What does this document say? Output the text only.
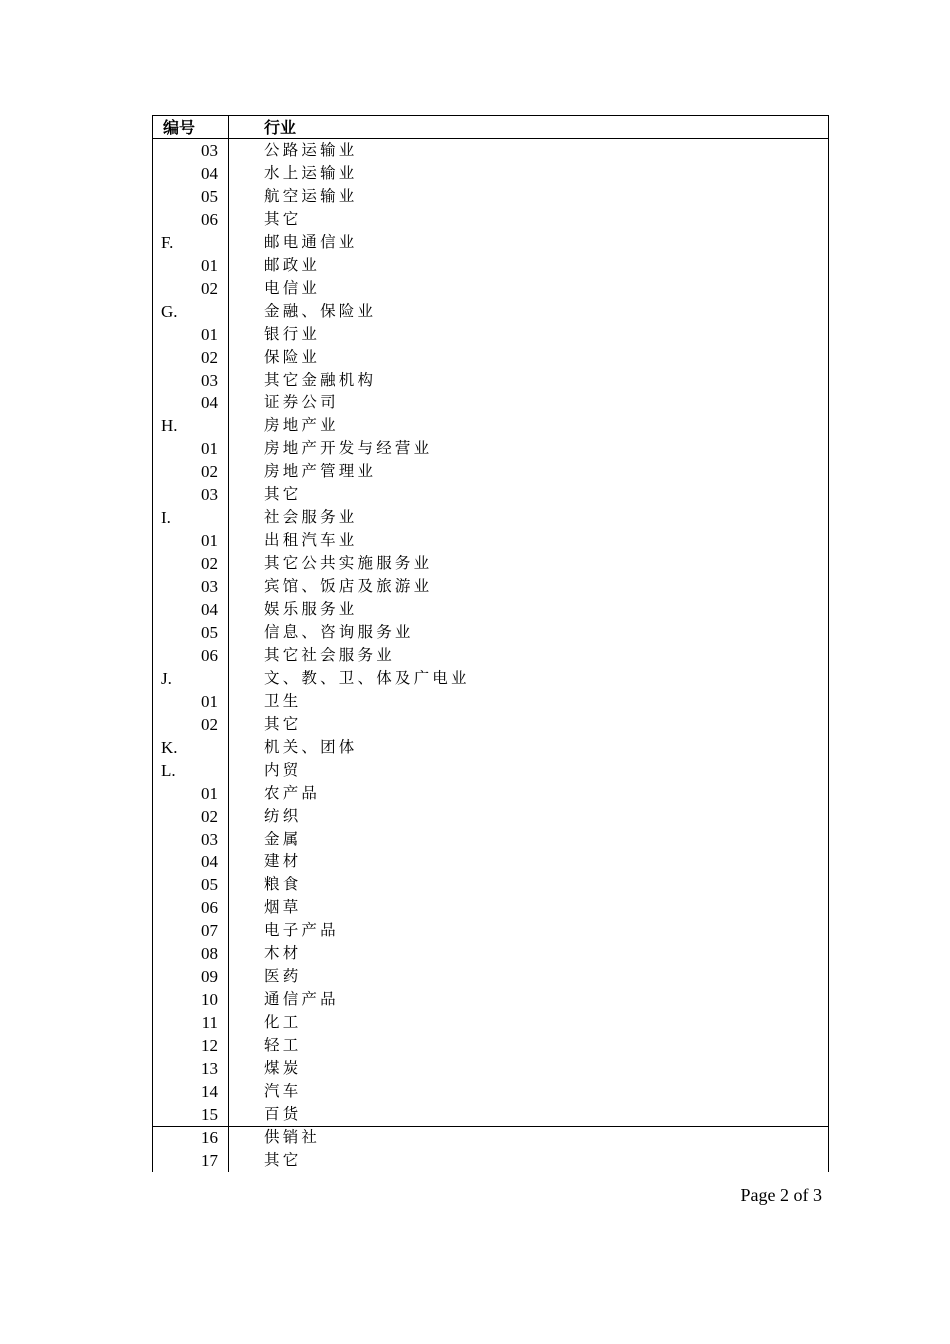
编号	行业
03	公路运输业
04	水上运输业
05	航空运输业
06	其它
F.	邮电通信业
01	邮政业
02	电信业
G.	金融、保险业
01	银行业
02	保险业
03	其它金融机构
04	证券公司
H.	房地产业
01	房地产开发与经营业
02	房地产管理业
03	其它
I.	社会服务业
01	出租汽车业
02	其它公共实施服务业
03	宾馆、饭店及旅游业
04	娱乐服务业
05	信息、咨询服务业
06	其它社会服务业
J.	文、教、卫、体及广电业
01	卫生
02	其它
K.	机关、团体
L.	内贸
01	农产品
02	纺织
03	金属
04	建材
05	粮食
06	烟草
07	电子产品
08	木材
09	医药
10	通信产品
11	化工
12	轻工
13	煤炭
14	汽车
15	百货
16	供销社
17	其它
Page 2 of 3
